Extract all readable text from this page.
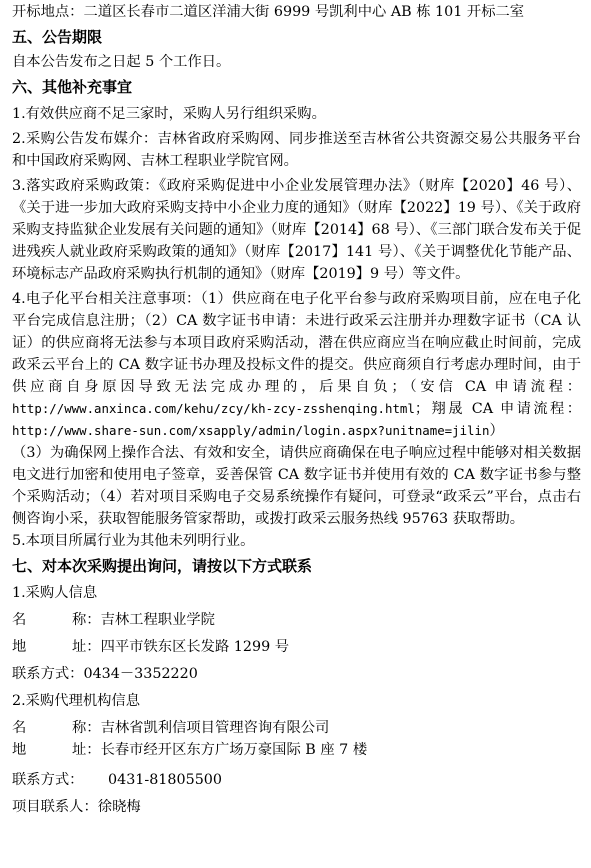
开标地点：二道区长春市二道区洋浦大街 6999 号凯利中心 AB 栋 101 开标二室

五、公告期限

自本公告发布之日起 5 个工作日。

六、其他补充事宜

1.有效供应商不足三家时，采购人另行组织采购。

2.采购公告发布媒介：吉林省政府采购网、同步推送至吉林省公共资源交易公共服务平台和中国政府采购网、吉林工程职业学院官网。

3.落实政府采购政策：《政府采购促进中小企业发展管理办法》（财库【2020】46 号）、《关于进一步加大政府采购支持中小企业力度的通知》（财库【2022】19 号）、《关于政府采购支持监狱企业发展有关问题的通知》（财库【2014】68 号）、《三部门联合发布关于促进残疾人就业政府采购政策的通知》（财库【2017】141 号）、《关于调整优化节能产品、环境标志产品政府采购执行机制的通知》（财库【2019】9 号）等文件。

4.电子化平台相关注意事项：（1）供应商在电子化平台参与政府采购项目前，应在电子化平台完成信息注册；（2）CA 数字证书申请：未进行政采云注册并办理数字证书（CA 认证）的供应商将无法参与本项目政府采购活动，潜在供应商应当在响应截止时间前，完成政采云平台上的 CA 数字证书办理及投标文件的提交。供应商须自行考虑办理时间，由于供应商自身原因导致无法完成办理的，后果自负；（安信 CA 申请流程：http://www.anxinca.com/kehu/zcy/kh-zcy-zsshenqing.html；翔晟 CA 申请流程：http://www.share-sun.com/xsapply/admin/login.aspx?unitname=jilin）

（3）为确保网上操作合法、有效和安全，请供应商确保在电子响应过程中能够对相关数据电文进行加密和使用电子签章，妥善保管 CA 数字证书并使用有效的 CA 数字证书参与整个采购活动；（4）若对项目采购电子交易系统操作有疑问，可登录“政采云”平台，点击右侧咨询小采，获取智能服务管家帮助，或拨打政采云服务热线 95763 获取帮助。

5.本项目所属行业为其他未列明行业。

七、对本次采购提出询问，请按以下方式联系

1.采购人信息

名	称： 吉林工程职业学院

地	址： 四平市铁东区长发路 1299 号

联系方式： 0434－3352220

2.采购代理机构信息

名	称： 吉林省凯利信项目管理咨询有限公司

地	址： 长春市经开区东方广场万豪国际 B 座 7 楼

联系方式：	0431-81805500

项目联系人： 徐晓梅
